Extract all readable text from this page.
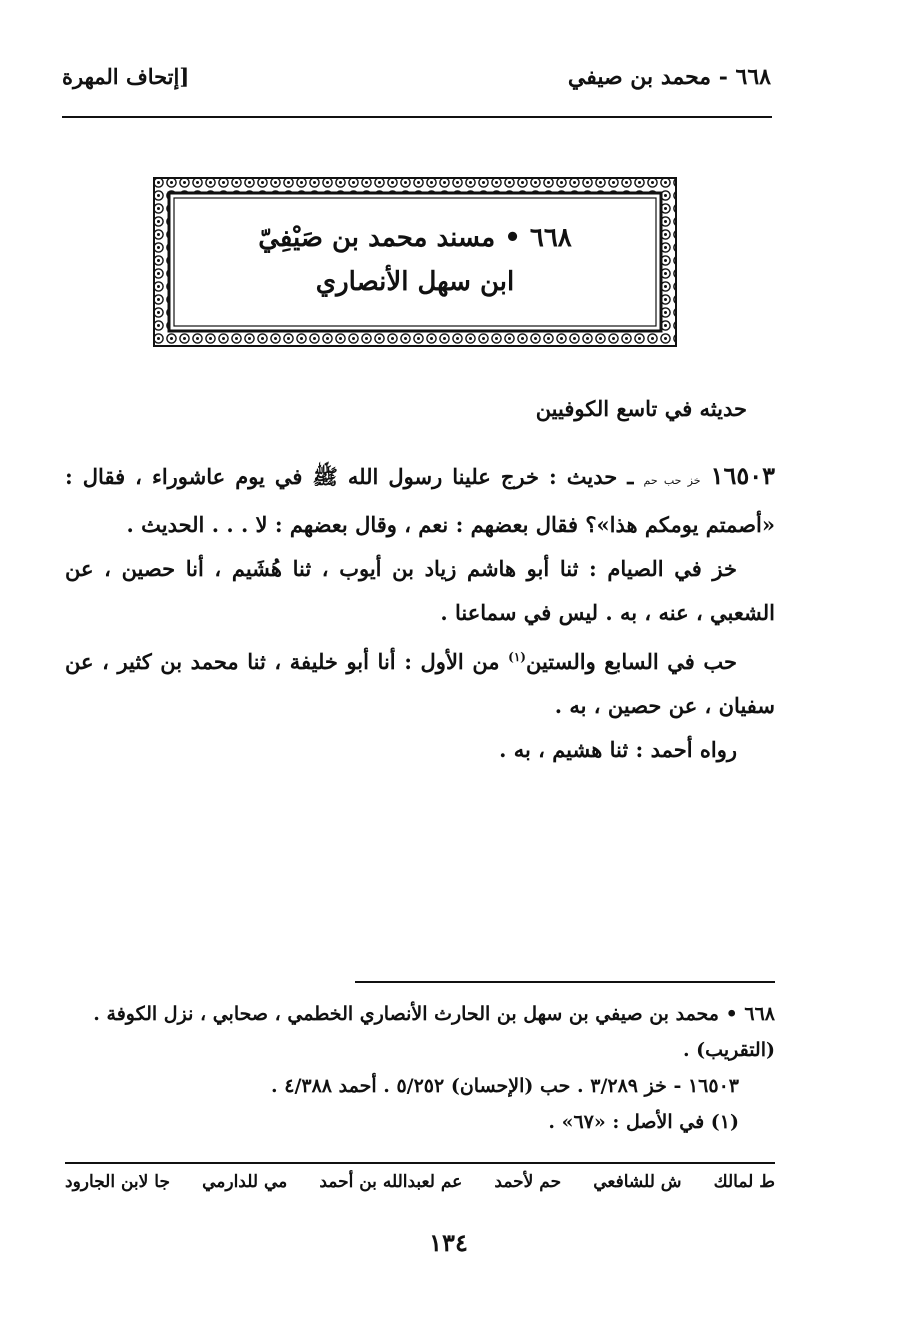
٦٦٨ - محمد بن صيفي
[إتحاف المهرة
٦٦٨ • مسند محمد بن صَيْفِيّ
ابن سهل الأنصاري
حديثه في تاسع الكوفيين

١٦٥٠٣ خز حب حم ـ حديث : خرج علينا رسول الله ﷺ في يوم عاشوراء ، فقال : «أصمتم يومكم هذا»؟ فقال بعضهم : نعم ، وقال بعضهم : لا . . . الحديث .

خز في الصيام : ثنا أبو هاشم زياد بن أيوب ، ثنا هُشَيم ، أنا حصين ، عن الشعبي ، عنه ، به . ليس في سماعنا .

حب في السابع والستين$^{(١)}$ من الأول : أنا أبو خليفة ، ثنا محمد بن كثير ، عن سفيان ، عن حصين ، به .

رواه أحمد : ثنا هشيم ، به .

٦٦٨ • محمد بن صيفي بن سهل بن الحارث الأنصاري الخطمي ، صحابي ، نزل الكوفة . (التقريب) .

١٦٥٠٣ - خز ٣/٢٨٩ . حب (الإحسان) ٥/٢٥٢ . أحمد ٤/٣٨٨ .

(١) في الأصل : «٦٧» .

ط لمالك
ش للشافعي
حم لأحمد
عم لعبدالله بن أحمد
مي للدارمي
جا لابن الجارود
١٣٤
